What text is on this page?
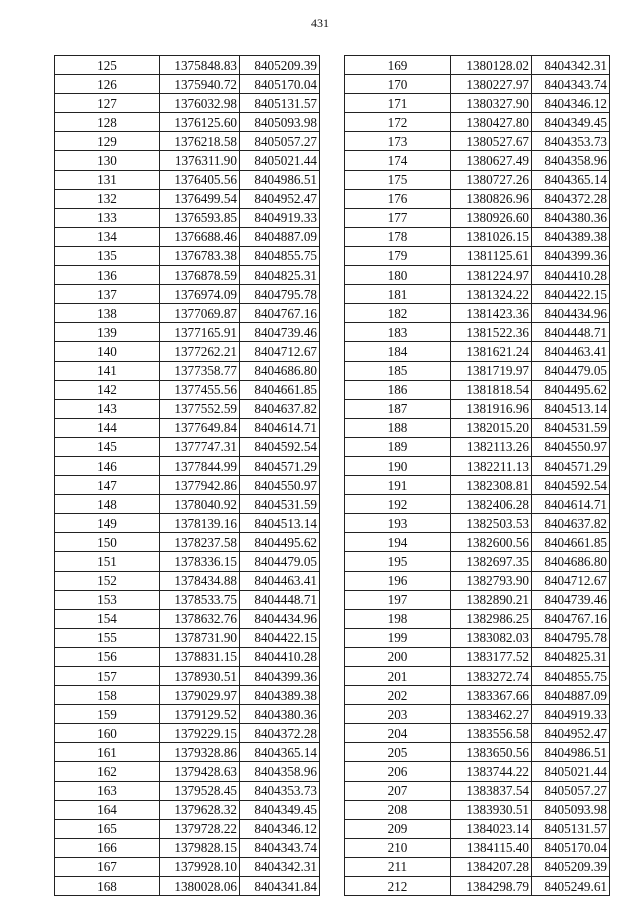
431
125	1375848.83	8405209.39
126	1375940.72	8405170.04
127	1376032.98	8405131.57
128	1376125.60	8405093.98
129	1376218.58	8405057.27
130	1376311.90	8405021.44
131	1376405.56	8404986.51
132	1376499.54	8404952.47
133	1376593.85	8404919.33
134	1376688.46	8404887.09
135	1376783.38	8404855.75
136	1376878.59	8404825.31
137	1376974.09	8404795.78
138	1377069.87	8404767.16
139	1377165.91	8404739.46
140	1377262.21	8404712.67
141	1377358.77	8404686.80
142	1377455.56	8404661.85
143	1377552.59	8404637.82
144	1377649.84	8404614.71
145	1377747.31	8404592.54
146	1377844.99	8404571.29
147	1377942.86	8404550.97
148	1378040.92	8404531.59
149	1378139.16	8404513.14
150	1378237.58	8404495.62
151	1378336.15	8404479.05
152	1378434.88	8404463.41
153	1378533.75	8404448.71
154	1378632.76	8404434.96
155	1378731.90	8404422.15
156	1378831.15	8404410.28
157	1378930.51	8404399.36
158	1379029.97	8404389.38
159	1379129.52	8404380.36
160	1379229.15	8404372.28
161	1379328.86	8404365.14
162	1379428.63	8404358.96
163	1379528.45	8404353.73
164	1379628.32	8404349.45
165	1379728.22	8404346.12
166	1379828.15	8404343.74
167	1379928.10	8404342.31
168	1380028.06	8404341.84
169	1380128.02	8404342.31
170	1380227.97	8404343.74
171	1380327.90	8404346.12
172	1380427.80	8404349.45
173	1380527.67	8404353.73
174	1380627.49	8404358.96
175	1380727.26	8404365.14
176	1380826.96	8404372.28
177	1380926.60	8404380.36
178	1381026.15	8404389.38
179	1381125.61	8404399.36
180	1381224.97	8404410.28
181	1381324.22	8404422.15
182	1381423.36	8404434.96
183	1381522.36	8404448.71
184	1381621.24	8404463.41
185	1381719.97	8404479.05
186	1381818.54	8404495.62
187	1381916.96	8404513.14
188	1382015.20	8404531.59
189	1382113.26	8404550.97
190	1382211.13	8404571.29
191	1382308.81	8404592.54
192	1382406.28	8404614.71
193	1382503.53	8404637.82
194	1382600.56	8404661.85
195	1382697.35	8404686.80
196	1382793.90	8404712.67
197	1382890.21	8404739.46
198	1382986.25	8404767.16
199	1383082.03	8404795.78
200	1383177.52	8404825.31
201	1383272.74	8404855.75
202	1383367.66	8404887.09
203	1383462.27	8404919.33
204	1383556.58	8404952.47
205	1383650.56	8404986.51
206	1383744.22	8405021.44
207	1383837.54	8405057.27
208	1383930.51	8405093.98
209	1384023.14	8405131.57
210	1384115.40	8405170.04
211	1384207.28	8405209.39
212	1384298.79	8405249.61
